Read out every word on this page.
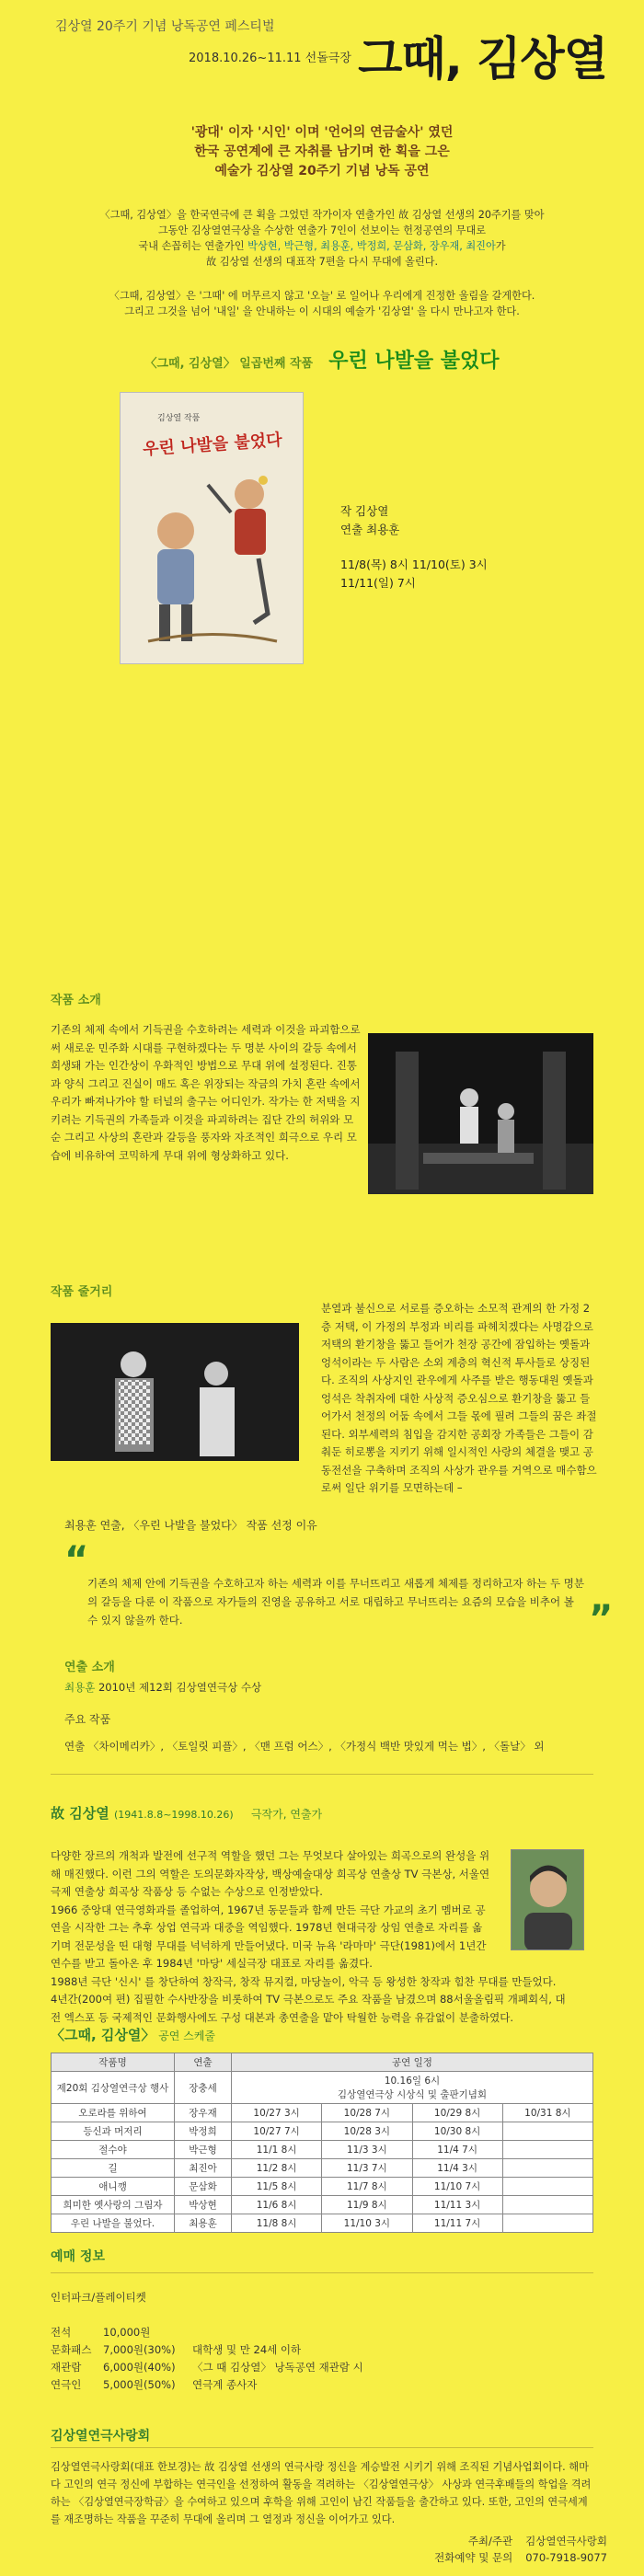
김상열 20주기 기념 낭독공연 페스티벌
2018.10.26~11.11 선돌극장 그때, 김상열
'광대' 이자 '시인' 이며 '언어의 연금술사' 였던
한국 공연계에 큰 자취를 남기며 한 획을 그은
예술가 김상열 20주기 기념 낭독 공연
〈그때, 김상열〉을 한국연극에 큰 획을 그었던 작가이자 연출가인 故 김상열 선생의 20주기를 맞아
그동안 김상열연극상을 수상한 연출가 7인이 선보이는 헌정공연의 무대로
국내 손꼽히는 연출가인 박상현, 박근형, 최용훈, 박정희, 문삼화, 장우재, 최진아가
故 김상열 선생의 대표작 7편을 다시 무대에 올린다.
〈그때, 김상열〉은 '그때' 에 머무르지 않고 '오늘' 로 일어나 우리에게 진정한 울림을 갈게한다.
그리고 그것을 넘어 '내일' 을 안내하는 이 시대의 예술가 '김상열' 을 다시 만나고자 한다.
〈그때, 김상열〉 일곱번째 작품 우린 나발을 불었다
김상열 작품
우린 나발을 불었다
작 김상열
연출 최용훈
11/8(목) 8시 11/10(토) 3시
11/11(일) 7시
작품 소개
기존의 체제 속에서 기득권을 수호하려는 세력과 이것을 파괴함으로써 새로운 민주화 시대를 구현하겠다는 두 명분 사이의 갈등 속에서 희생돼 가는 인간상이 우화적인 방법으로 무대 위에 설정된다. 진통과 양식 그리고 진실이 매도 혹은 위장되는 작금의 가치 혼란 속에서 우리가 빠져나가야 할 터널의 출구는 어디인가. 작가는 한 저택을 지키려는 기득권의 가족들과 이것을 파괴하려는 집단 간의 허위와 모순 그리고 사상의 혼란과 갈등을 풍자와 자조적인 희극으로 우리 모습에 비유하여 코믹하게 무대 위에 형상화하고 있다.
작품 줄거리
분열과 불신으로 서로를 증오하는 소모적 관계의 한 가정 2층 저택, 이 가정의 부정과 비리를 파헤치겠다는 사명감으로 저택의 환기창을 뚫고 들어가 천장 공간에 잠입하는 옛돌과 엉석이라는 두 사람은 소외 계층의 혁신적 투사들로 상징된다. 조직의 사상지인 관우에게 사주를 받은 행동대원 옛돌과 엉석은 착취자에 대한 사상적 증오심으로 환기창을 뚫고 들어가서 천정의 어둠 속에서 그들 몫에 필려 그들의 꿈은 좌절된다. 외부세력의 침입을 감지한 공회장 가족들은 그들이 감춰둔 히로뽕을 지키기 위해 일시적인 사랑의 체결을 맺고 공동전선을 구축하며 조직의 사상가 관우를 거역으로 매수함으로써 일단 위기를 모면하는데 –
최용훈 연출, 〈우린 나발을 불었다〉 작품 선정 이유
“
기존의 체제 안에 기득권을 수호하고자 하는 세력과 이를 무너뜨리고 새롭게 체제를 정리하고자 하는 두 명분의 갈등을 다룬 이 작품으로 자가들의 진영을 공유하고 서로 대립하고 무너뜨리는 요즘의 모습을 비추어 볼 수 있지 않을까 한다.	”
연출 소개
최용훈 2010년 제12회 김상열연극상 수상
주요 작품
연출 〈차이메리카〉, 〈토일릿 피플〉, 〈맨 프럼 어스〉, 〈가정식 백반 맛있게 먹는 법〉, 〈돌날〉 외
故 김상열 (1941.8.8~1998.10.26) 극작가, 연출가
다양한 장르의 개척과 발전에 선구적 역할을 했던 그는 무엇보다 살아있는 희곡으로의 완성을 위해 매진했다. 이런 그의 역할은 도의문화자작상, 백상예술대상 희곡상 연출상 TV 극본상, 서울연극제 연출상 희곡상 작품상 등 수없는 수상으로 인정받았다.
1966 중앙대 연극영화과를 졸업하여, 1967년 동문들과 함께 만든 극단 가교의 초기 멤버로 공연을 시작한 그는 추후 상업 연극과 대중을 역임했다. 1978년 현대극장 상임 연출로 자리를 옮기며 전문성을 띤 대형 무대를 넉넉하게 만들어냈다. 미국 뉴욕 '라마마' 극단(1981)에서 1년간 연수를 받고 돌아온 후 1984년 '마당' 세실극장 대표로 자리를 옮겼다.
1988년 극단 '신시' 를 창단하여 창작극, 창작 뮤지컬, 마당놀이, 악극 등 왕성한 창작과 힘찬 무대를 만들었다.
4년간(200여 편) 집필한 수사반장을 비롯하여 TV 극본으로도 주요 작품을 남겼으며 88서울올림픽 개폐회식, 대전 엑스포 등 국제적인 문화행사에도 구성 대본과 총연출을 맡아 탁월한 능력을 유감없이 분출하였다.
〈그때, 김상열〉 공연 스케줄
작품명	연출	공연 일정			
제20회 김상열연극상 행사	장충세	10.16일 6시
김상열연극상 시상식 및 출판기념회			

오로라를 위하여	장우재	10/27 3시	10/28 7시	10/29 8시	10/31 8시
등신과 머저리	박정희	10/27 7시	10/28 3시	10/30 8시	
절수야	박근형	11/1 8시	11/3 3시	11/4 7시	
길	최진아	11/2 8시	11/3 7시	11/4 3시	
애니깽	문삼화	11/5 8시	11/7 8시	11/10 7시	
희미한 옛사랑의 그림자	박상현	11/6 8시	11/9 8시	11/11 3시	
우린 나발을 불었다.	최용훈	11/8 8시	11/10 3시	11/11 7시	
예매 정보
인터파크/플레이티켓
전석	10,000원
문화패스	7,000원(30%)	대학생 및 만 24세 이하
재관람	6,000원(40%)	〈그 때 김상열〉 낭독공연 재관람 시
연극인	5,000원(50%)	연극계 종사자
김상열연극사랑회
김상열연극사랑회(대표 한보경)는 故 김상열 선생의 연극사랑 정신을 계승발전 시키기 위해 조직된 기념사업회이다. 해마다 고인의 연극 정신에 부합하는 연극인을 선정하여 활동을 격려하는 〈김상열연극상〉 사상과 연극후배들의 학업을 격려하는 〈김상열연극장학금〉을 수여하고 있으며 후학을 위해 고인이 남긴 작품들을 출간하고 있다. 또한, 고인의 연극세계를 재조명하는 작품을 꾸준히 무대에 올리며 그 열정과 정신을 이어가고 있다.
주최/주관 김상열연극사랑회
전화예약 및 문의 070-7918-9077
